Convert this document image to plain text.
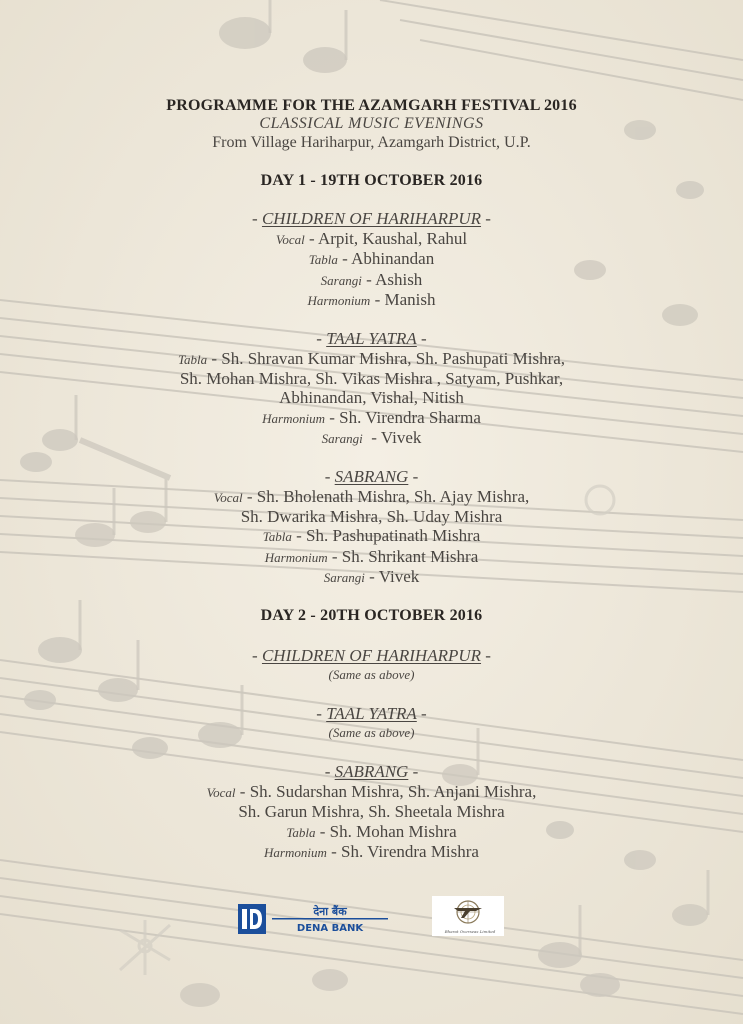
PROGRAMME FOR THE AZAMGARH FESTIVAL 2016
CLASSICAL MUSIC EVENINGS
From Village Hariharpur, Azamgarh District, U.P.
DAY 1 - 19TH OCTOBER 2016
- CHILDREN OF HARIHARPUR -
Vocal - Arpit, Kaushal, Rahul
Tabla - Abhinandan
Sarangi - Ashish
Harmonium - Manish
- TAAL YATRA -
Tabla - Sh. Shravan Kumar Mishra, Sh. Pashupati Mishra,
Sh. Mohan Mishra, Sh. Vikas Mishra , Satyam, Pushkar,
Abhinandan, Vishal, Nitish
Harmonium - Sh. Virendra Sharma
Sarangi  - Vivek
- SABRANG -
Vocal - Sh. Bholenath Mishra, Sh. Ajay Mishra,
Sh. Dwarika Mishra, Sh. Uday Mishra
Tabla - Sh. Pashupatinath Mishra
Harmonium - Sh. Shrikant Mishra
Sarangi - Vivek
DAY 2 - 20TH OCTOBER 2016
- CHILDREN OF HARIHARPUR -
(Same as above)
- TAAL YATRA -
(Same as above)
- SABRANG -
Vocal - Sh. Sudarshan Mishra, Sh. Anjani Mishra,
Sh. Garun Mishra, Sh. Sheetala Mishra
Tabla - Sh. Mohan Mishra
Harmonium - Sh. Virendra Mishra
देना बैंक
DENA BANK	Bharat Overseas Limited
